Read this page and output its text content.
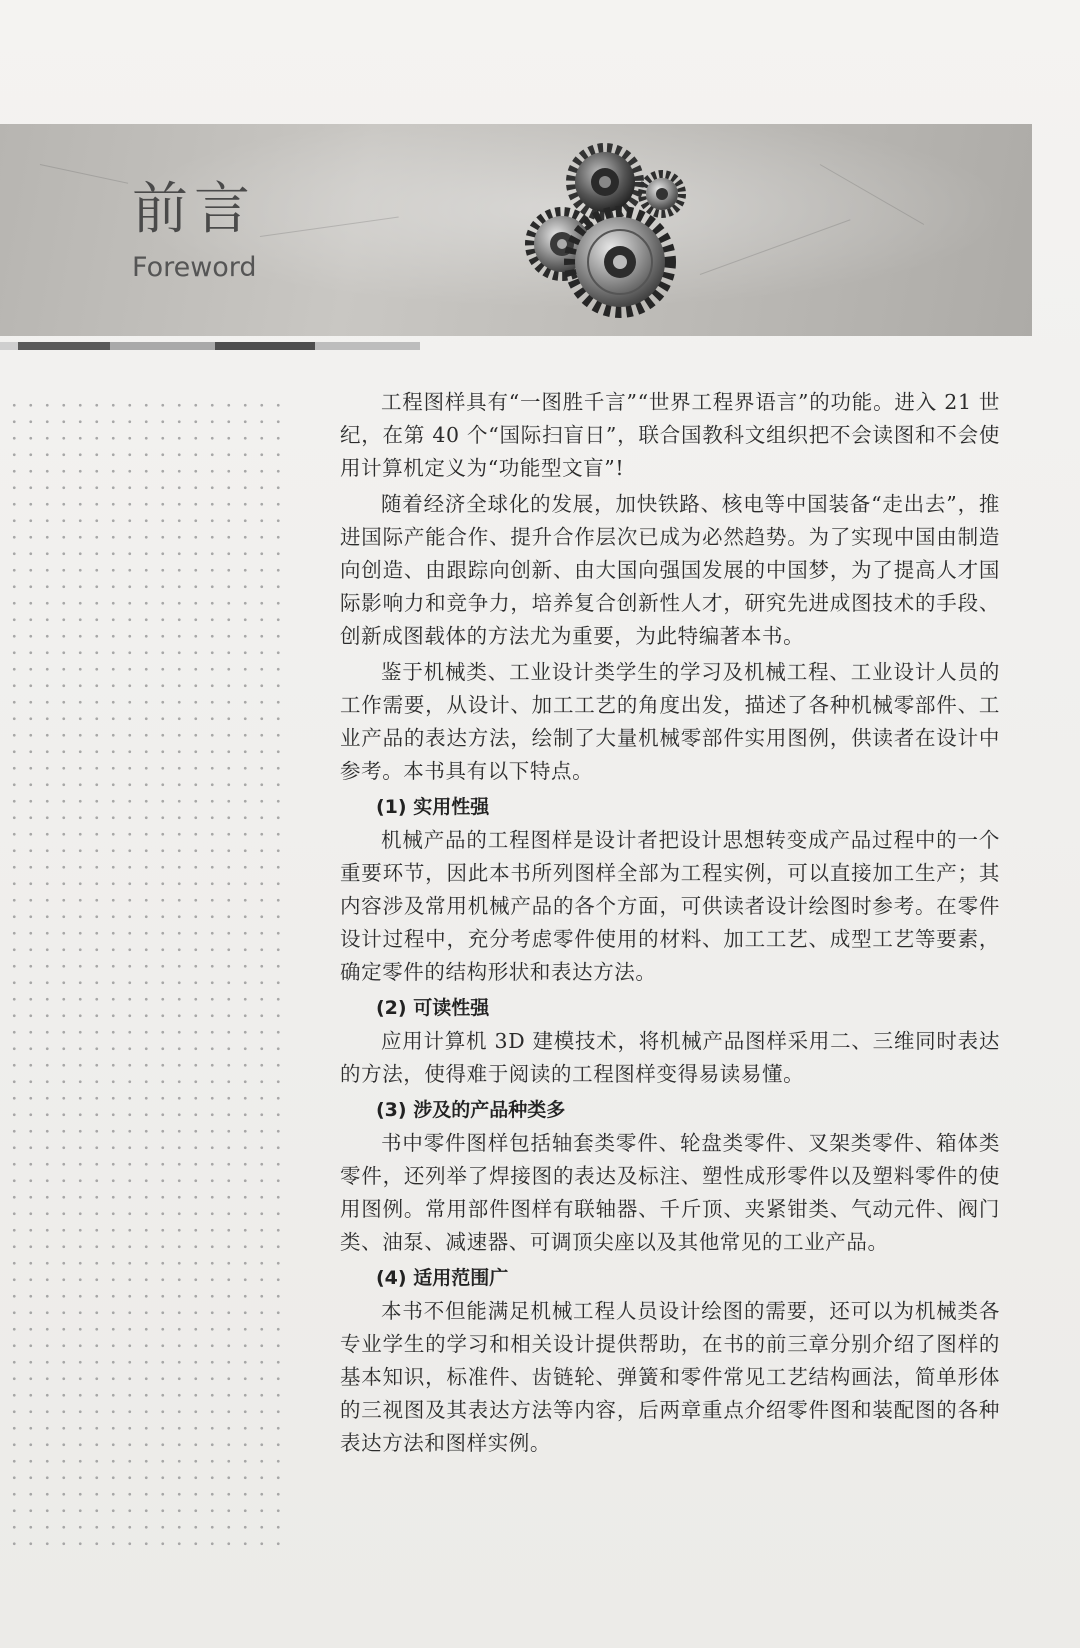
前言
Foreword

工程图样具有“一图胜千言”“世界工程界语言”的功能。进入 21 世纪，在第 40 个“国际扫盲日”，联合国教科文组织把不会读图和不会使用计算机定义为“功能型文盲”!

随着经济全球化的发展，加快铁路、核电等中国装备“走出去”，推进国际产能合作、提升合作层次已成为必然趋势。为了实现中国由制造向创造、由跟踪向创新、由大国向强国发展的中国梦，为了提高人才国际影响力和竞争力，培养复合创新性人才，研究先进成图技术的手段、创新成图载体的方法尤为重要，为此特编著本书。

鉴于机械类、工业设计类学生的学习及机械工程、工业设计人员的工作需要，从设计、加工工艺的角度出发，描述了各种机械零部件、工业产品的表达方法，绘制了大量机械零部件实用图例，供读者在设计中参考。本书具有以下特点。

(1) 实用性强

机械产品的工程图样是设计者把设计思想转变成产品过程中的一个重要环节，因此本书所列图样全部为工程实例，可以直接加工生产；其内容涉及常用机械产品的各个方面，可供读者设计绘图时参考。在零件设计过程中，充分考虑零件使用的材料、加工工艺、成型工艺等要素，确定零件的结构形状和表达方法。

(2) 可读性强

应用计算机 3D 建模技术，将机械产品图样采用二、三维同时表达的方法，使得难于阅读的工程图样变得易读易懂。

(3) 涉及的产品种类多

书中零件图样包括轴套类零件、轮盘类零件、叉架类零件、箱体类零件，还列举了焊接图的表达及标注、塑性成形零件以及塑料零件的使用图例。常用部件图样有联轴器、千斤顶、夹紧钳类、气动元件、阀门类、油泵、减速器、可调顶尖座以及其他常见的工业产品。

(4) 适用范围广

本书不但能满足机械工程人员设计绘图的需要，还可以为机械类各专业学生的学习和相关设计提供帮助，在书的前三章分别介绍了图样的基本知识，标准件、齿链轮、弹簧和零件常见工艺结构画法，简单形体的三视图及其表达方法等内容，后两章重点介绍零件图和装配图的各种表达方法和图样实例。
